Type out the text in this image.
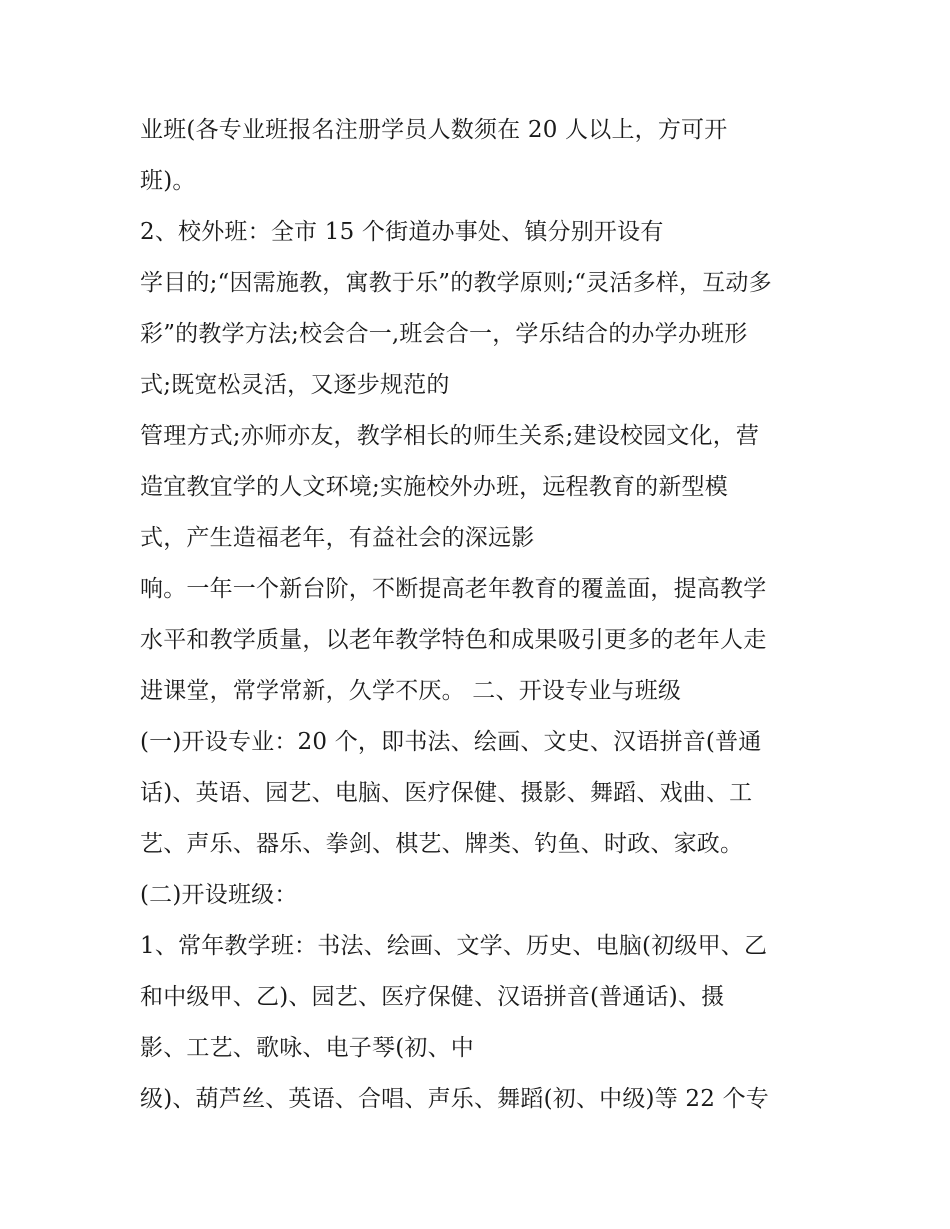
业班(各专业班报名注册学员人数须在 20 人以上，方可开
班)。
2、校外班：全市 15 个街道办事处、镇分别开设有
学目的;“因需施教，寓教于乐”的教学原则;“灵活多样，互动多
彩”的教学方法;校会合一,班会合一，学乐结合的办学办班形
式;既宽松灵活，又逐步规范的
管理方式;亦师亦友，教学相长的师生关系;建设校园文化，营
造宜教宜学的人文环境;实施校外办班，远程教育的新型模
式，产生造福老年，有益社会的深远影
响。一年一个新台阶，不断提高老年教育的覆盖面，提高教学
水平和教学质量，以老年教学特色和成果吸引更多的老年人走
进课堂，常学常新，久学不厌。 二、开设专业与班级
(一)开设专业：20 个，即书法、绘画、文史、汉语拼音(普通
话)、英语、园艺、电脑、医疗保健、摄影、舞蹈、戏曲、工
艺、声乐、器乐、拳剑、棋艺、牌类、钓鱼、时政、家政。
(二)开设班级：
1、常年教学班：书法、绘画、文学、历史、电脑(初级甲、乙
和中级甲、乙)、园艺、医疗保健、汉语拼音(普通话)、摄
影、工艺、歌咏、电子琴(初、中
级)、葫芦丝、英语、合唱、声乐、舞蹈(初、中级)等 22 个专
